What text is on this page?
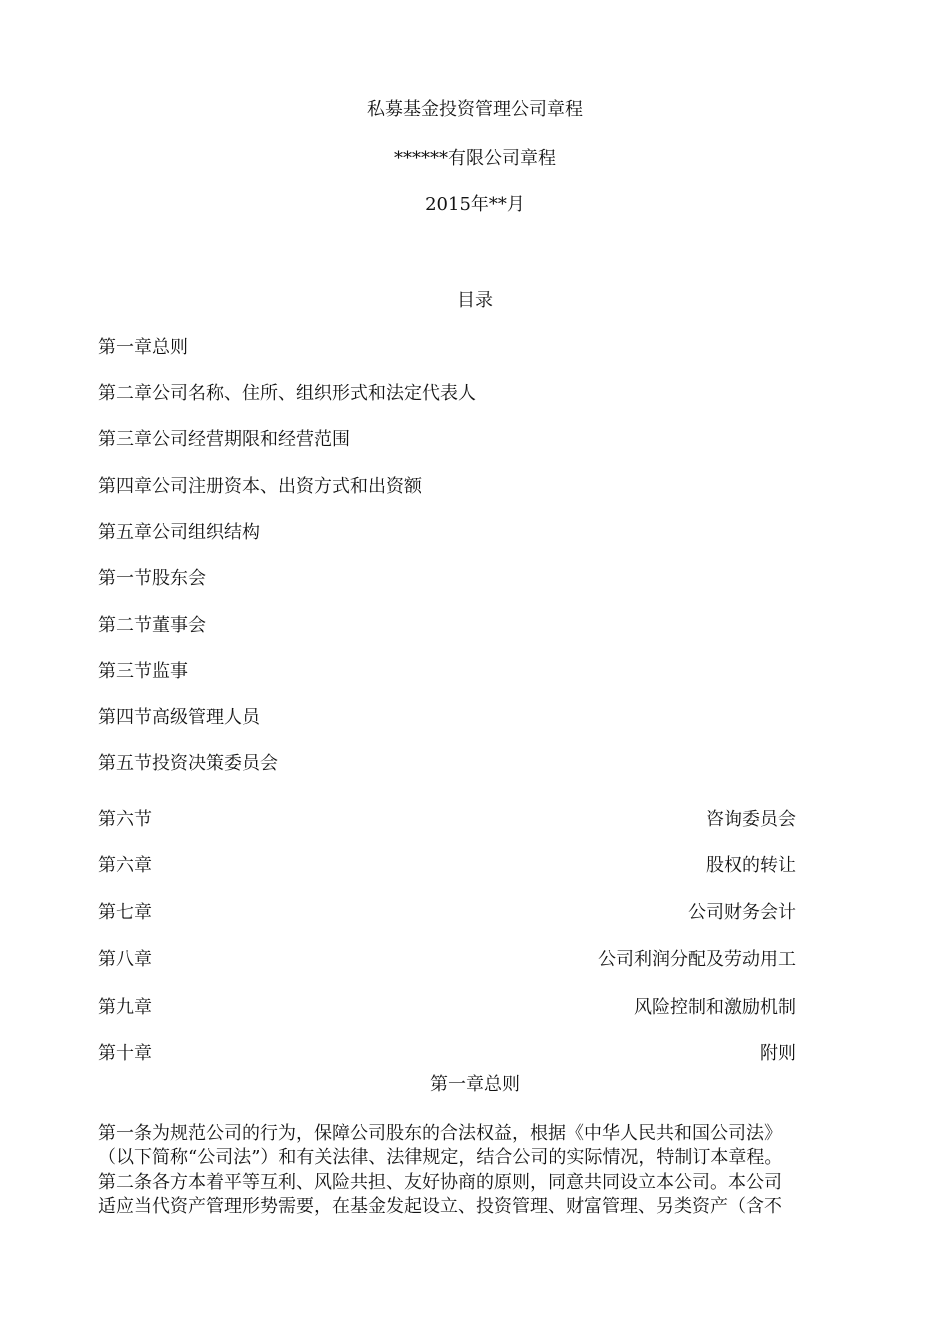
私募基金投资管理公司章程
******有限公司章程
2015年**月
目录
第一章总则
第二章公司名称、住所、组织形式和法定代表人
第三章公司经营期限和经营范围
第四章公司注册资本、出资方式和出资额
第五章公司组织结构
第一节股东会
第二节董事会
第三节监事
第四节高级管理人员
第五节投资决策委员会
第六节	咨询委员会
第六章	股权的转让
第七章	公司财务会计
第八章	公司利润分配及劳动用工
第九章	风险控制和激励机制
第十章	附则
第一章总则
第一条为规范公司的行为，保障公司股东的合法权益，根据《中华人民共和国公司法》
（以下简称“公司法”）和有关法律、法律规定，结合公司的实际情况，特制订本章程。
第二条各方本着平等互利、风险共担、友好协商的原则，同意共同设立本公司。本公司
适应当代资产管理形势需要，在基金发起设立、投资管理、财富管理、另类资产（含不
